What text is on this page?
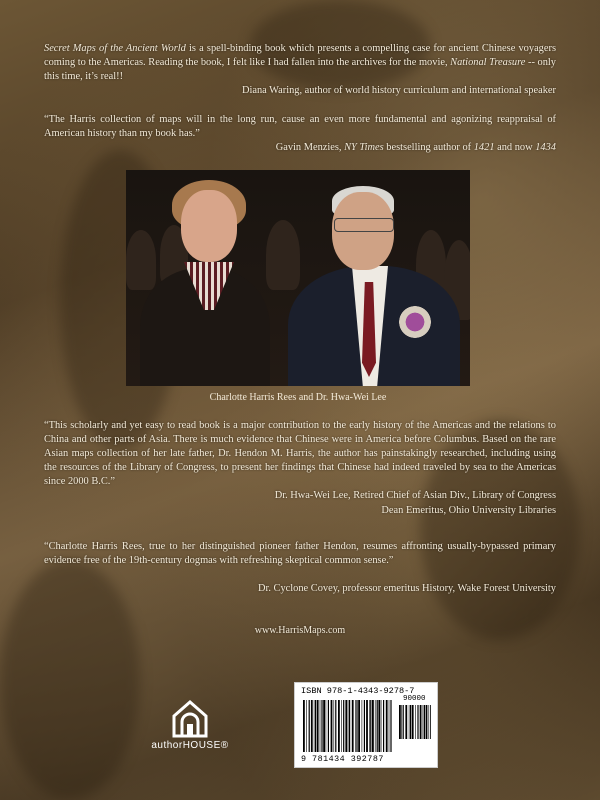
Secret Maps of the Ancient World is a spell-binding book which presents a compelling case for ancient Chinese voyagers coming to the Americas. Reading the book, I felt like I had fallen into the archives for the movie, National Treasure -- only this time, it’s real!!
Diana Waring, author of world history curriculum and international speaker
“The Harris collection of maps will in the long run, cause an even more fundamental and agonizing reappraisal of American history than my book has.”
Gavin Menzies, NY Times bestselling author of 1421 and now 1434
Charlotte Harris Rees and Dr. Hwa-Wei Lee
“This scholarly and yet easy to read book is a major contribution to the early history of the Americas and the relations to China and other parts of Asia. There is much evidence that Chinese were in America before Columbus. Based on the rare Asian maps collection of her late father, Dr. Hendon M. Harris, the author has painstakingly researched, including using the resources of the Library of Congress, to present her findings that Chinese had indeed traveled by sea to the Americas since 2000 B.C.”
Dr. Hwa-Wei Lee, Retired Chief of Asian Div., Library of Congress
Dean Emeritus, Ohio University Libraries
“Charlotte Harris Rees, true to her distinguished pioneer father Hendon, resumes affronting usually-bypassed primary evidence free of the 19th-century dogmas with refreshing skeptical common sense.”
Dr. Cyclone Covey, professor emeritus History, Wake Forest University
www.HarrisMaps.com
authorHOUSE®
ISBN 978-1-4343-9278-7
90000
9 781434 392787
